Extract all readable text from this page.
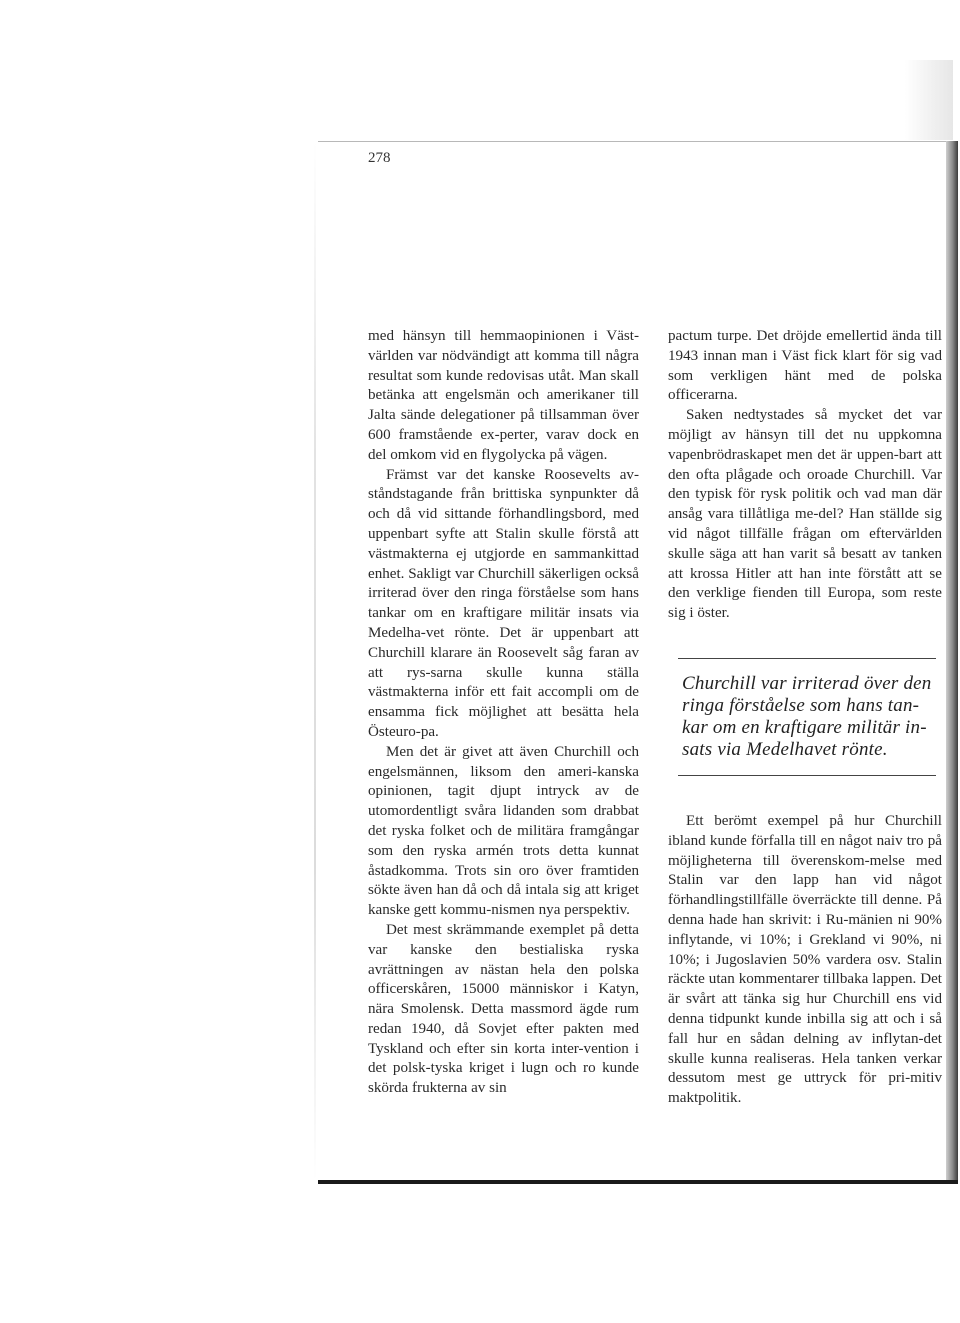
278

med hänsyn till hemmaopinionen i Väst-världen var nödvändigt att komma till några resultat som kunde redovisas utåt. Man skall betänka att engelsmän och amerikaner till Jalta sände delegationer på tillsamman över 600 framstående ex-perter, varav dock en del omkom vid en flygolycka på vägen.

Främst var det kanske Roosevelts av-ståndstagande från brittiska synpunkter då och då vid sittande förhandlingsbord, med uppenbart syfte att Stalin skulle förstå att västmakterna ej utgjorde en sammankittad enhet. Sakligt var Churchill säkerligen också irriterad över den ringa förståelse som hans tankar om en kraftigare militär insats via Medelha-vet rönte. Det är uppenbart att Churchill klarare än Roosevelt såg faran av att rys-sarna skulle kunna ställa västmakterna inför ett fait accompli om de ensamma fick möjlighet att besätta hela Östeuro-pa.

Men det är givet att även Churchill och engelsmännen, liksom den ameri-kanska opinionen, tagit djupt intryck av de utomordentligt svåra lidanden som drabbat det ryska folket och de militära framgångar som den ryska armén trots detta kunnat åstadkomma. Trots sin oro över framtiden sökte även han då och då intala sig att kriget kanske gett kommu-nismen nya perspektiv.

Det mest skrämmande exemplet på detta var kanske den bestialiska ryska avrättningen av nästan hela den polska officerskåren, 15000 människor i Katyn, nära Smolensk. Detta massmord ägde rum redan 1940, då Sovjet efter pakten med Tyskland och efter sin korta inter-vention i det polsk-tyska kriget i lugn och ro kunde skörda frukterna av sin

pactum turpe. Det dröjde emellertid ända till 1943 innan man i Väst fick klart för sig vad som verkligen hänt med de polska officerarna.

Saken nedtystades så mycket det var möjligt av hänsyn till det nu uppkomna vapenbrödraskapet men det är uppen-bart att den ofta plågade och oroade Churchill. Var den typisk för rysk politik och vad man där ansåg vara tillåtliga me-del? Han ställde sig vid något tillfälle frågan om eftervärlden skulle säga att han varit så besatt av tanken att krossa Hitler att han inte förstått att se den verklige fienden till Europa, som reste sig i öster.

Churchill var irriterad över den ringa förståelse som hans tan-kar om en kraftigare militär in-sats via Medelhavet rönte.

Ett berömt exempel på hur Churchill ibland kunde förfalla till en något naiv tro på möjligheterna till överenskom-melse med Stalin var den lapp han vid något förhandlingstillfälle överräckte till denne. På denna hade han skrivit: i Ru-mänien ni 90% inflytande, vi 10%; i Grekland vi 90%, ni 10%; i Jugoslavien 50% vardera osv. Stalin räckte utan kommentarer tillbaka lappen. Det är svårt att tänka sig hur Churchill ens vid denna tidpunkt kunde inbilla sig att och i så fall hur en sådan delning av inflytan-det skulle kunna realiseras. Hela tanken verkar dessutom mest ge uttryck för pri-mitiv maktpolitik.
